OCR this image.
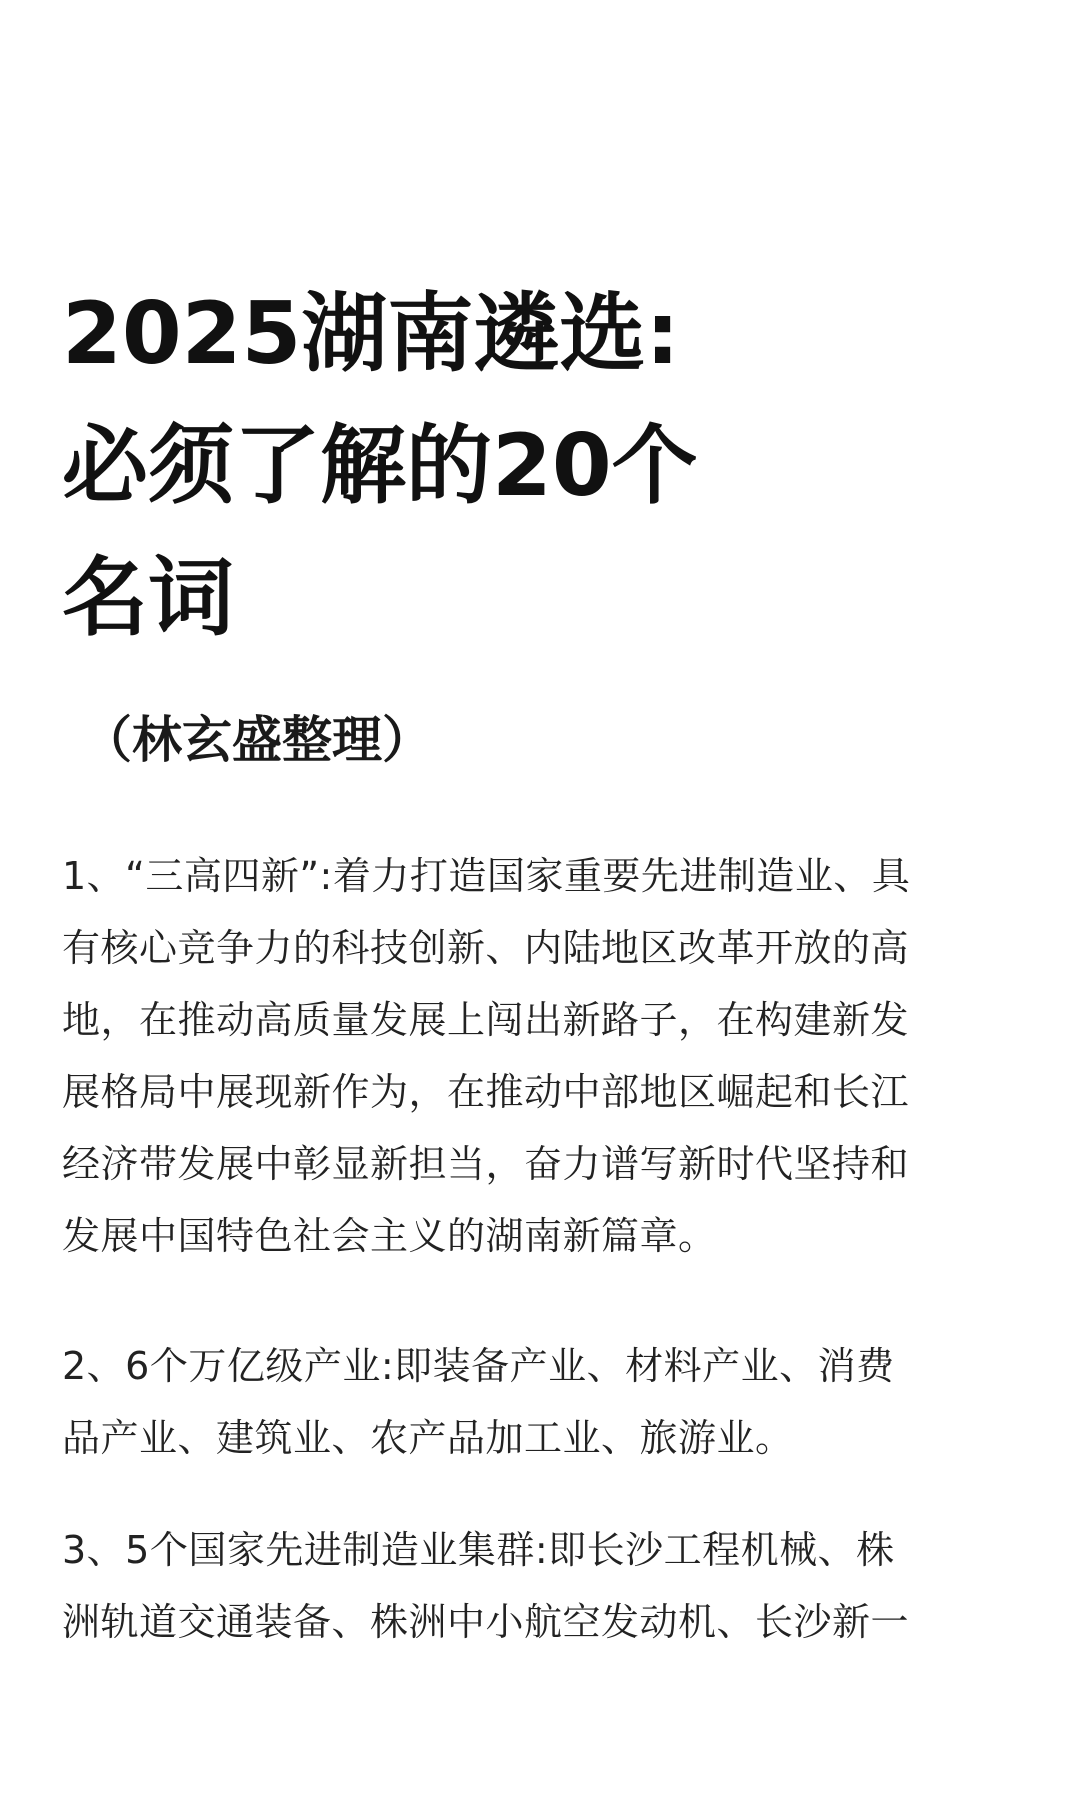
2025湖南遴选:
必须了解的20个
名词

（林玄盛整理）

1、“三高四新”:着力打造国家重要先进制造业、具
有核心竞争力的科技创新、内陆地区改革开放的高
地，在推动高质量发展上闯出新路子，在构建新发
展格局中展现新作为，在推动中部地区崛起和长江
经济带发展中彰显新担当，奋力谱写新时代坚持和
发展中国特色社会主义的湖南新篇章。
2、6个万亿级产业:即装备产业、材料产业、消费
品产业、建筑业、农产品加工业、旅游业。
3、5个国家先进制造业集群:即长沙工程机械、株
洲轨道交通装备、株洲中小航空发动机、长沙新一
